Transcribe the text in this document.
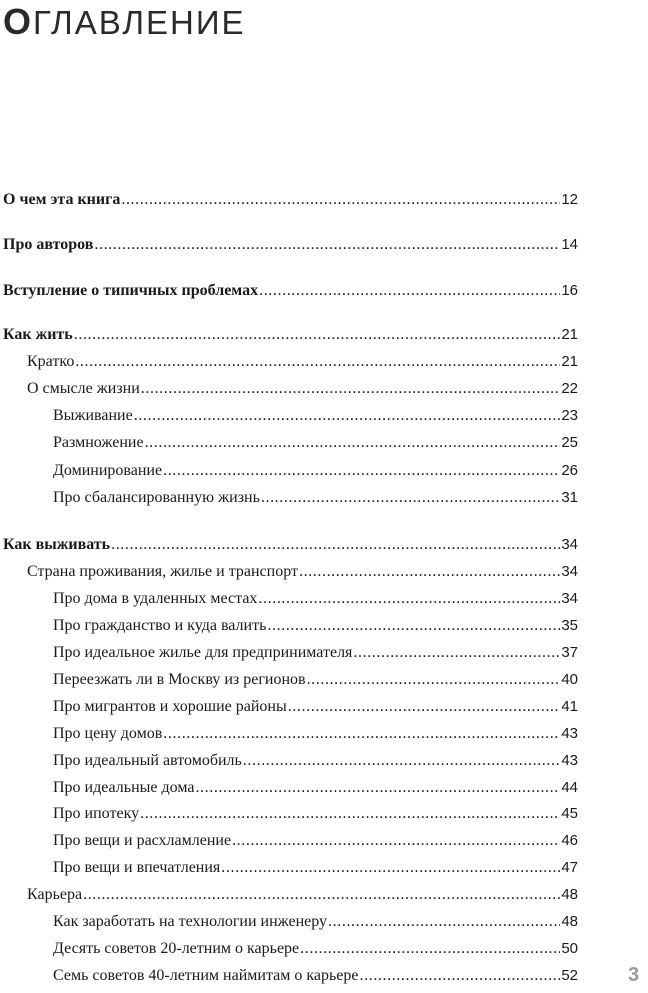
ОГЛАВЛЕНИЕ
О чем эта книга .....	12
Про авторов .....	14
Вступление о типичных проблемах .....	16
Как жить .....	21
Кратко .....	21
О смысле жизни .....	22
Выживание .....	23
Размножение .....	25
Доминирование .....	26
Про сбалансированную жизнь .....	31
Как выживать .....	34
Страна проживания, жилье и транспорт .....	34
Про дома в удаленных местах .....	34
Про гражданство и куда валить .....	35
Про идеальное жилье для предпринимателя .....	37
Переезжать ли в Москву из регионов .....	40
Про мигрантов и хорошие районы .....	41
Про цену домов .....	43
Про идеальный автомобиль .....	43
Про идеальные дома .....	44
Про ипотеку .....	45
Про вещи и расхламление .....	46
Про вещи и впечатления .....	47
Карьера .....	48
Как заработать на технологии инженеру .....	48
Десять советов 20-летним о карьере .....	50
Семь советов 40-летним наймитам о карьере .....	52	3
